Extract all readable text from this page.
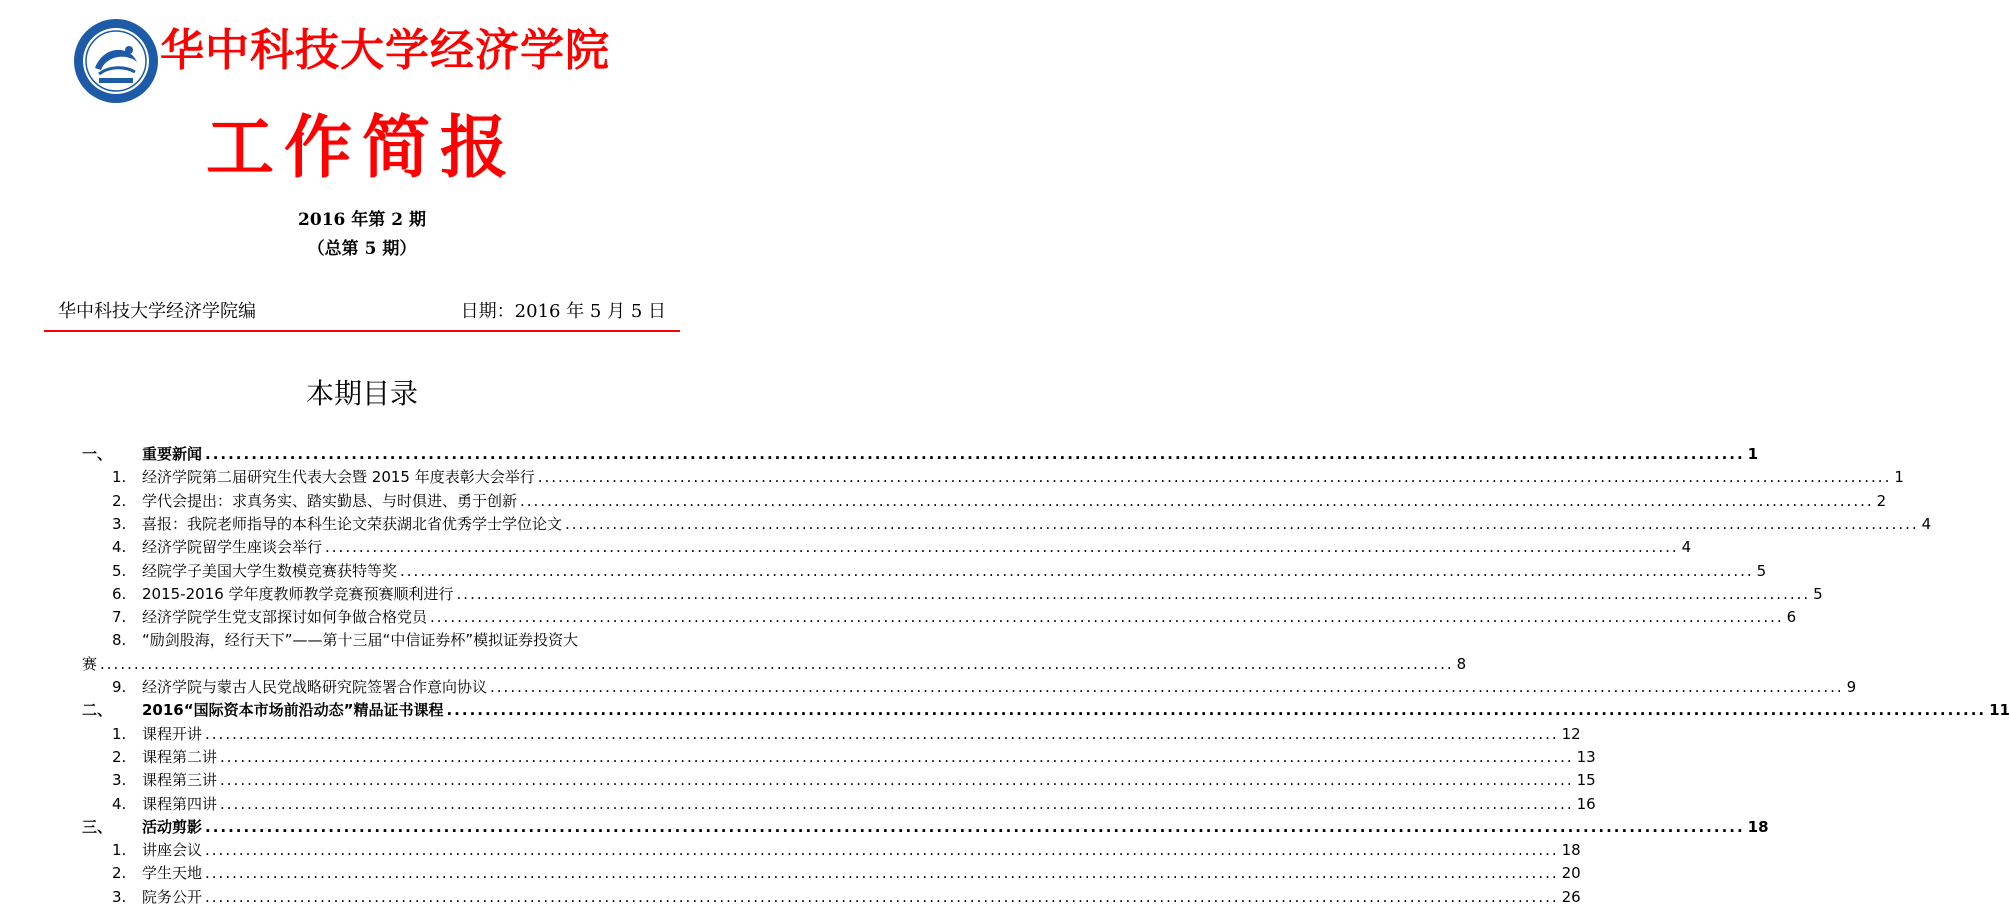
华中科技大学经济学院
工作简报
2016 年第 2 期
（总第 5 期）
华中科技大学经济学院编	日期：2016 年 5 月 5 日
本期目录
一、 重要新闻 ........................................................................................................................................................................................................ 1
1. 经济学院第二届研究生代表大会暨 2015 年度表彰大会举行 ........................................................................................................................................................................................................ 1
2. 学代会提出：求真务实、踏实勤恳、与时俱进、勇于创新 ........................................................................................................................................................................................................ 2
3. 喜报：我院老师指导的本科生论文荣获湖北省优秀学士学位论文 ........................................................................................................................................................................................................ 4
4. 经济学院留学生座谈会举行 ........................................................................................................................................................................................................ 4
5. 经院学子美国大学生数模竞赛获特等奖 ........................................................................................................................................................................................................ 5
6. 2015-2016 学年度教师教学竞赛预赛顺利进行 ........................................................................................................................................................................................................ 5
7. 经济学院学生党支部探讨如何争做合格党员 ........................................................................................................................................................................................................ 6
8. “励剑股海，经行天下”——第十三届“中信证券杯”模拟证券投资大
赛 ........................................................................................................................................................................................................ 8
9. 经济学院与蒙古人民党战略研究院签署合作意向协议 ........................................................................................................................................................................................................ 9
二、 2016“国际资本市场前沿动态”精品证书课程 ........................................................................................................................................................................................................ 11
1. 课程开讲 ........................................................................................................................................................................................................ 12
2. 课程第二讲 ........................................................................................................................................................................................................ 13
3. 课程第三讲 ........................................................................................................................................................................................................ 15
4. 课程第四讲 ........................................................................................................................................................................................................ 16
三、 活动剪影 ........................................................................................................................................................................................................ 18
1. 讲座会议 ........................................................................................................................................................................................................ 18
2. 学生天地 ........................................................................................................................................................................................................ 20
3. 院务公开 ........................................................................................................................................................................................................ 26
